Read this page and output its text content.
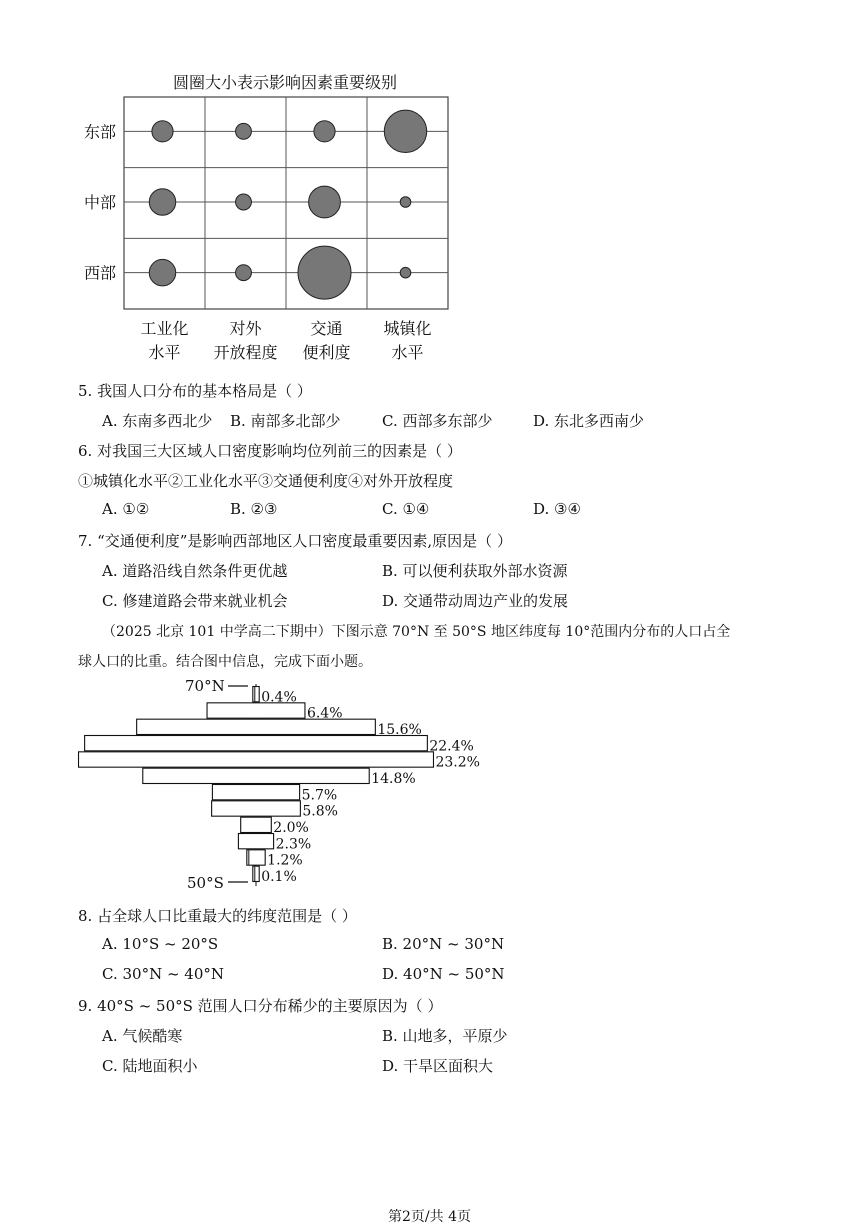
圆圈大小表示影响因素重要级别
东部
中部
西部
工业化
水平
对外
开放程度
交通
便利度
城镇化
水平
5. 我国人口分布的基本格局是（ ）
A. 东南多西北少 B. 南部多北部少	C. 西部多东部少	D. 东北多西南少
6. 对我国三大区域人口密度影响均位列前三的因素是（ ）
①城镇化水平②工业化水平③交通便利度④对外开放程度
A. ①②	B. ②③	C. ①④	D. ③④
7. “交通便利度”是影响西部地区人口密度最重要因素,原因是（ ）
A. 道路沿线自然条件更优越	B. 可以便利获取外部水资源
C. 修建道路会带来就业机会	D. 交通带动周边产业的发展
（2025 北京 101 中学高二下期中）下图示意 70°N 至 50°S 地区纬度每 10°范围内分布的人口占全
球人口的比重。结合图中信息，完成下面小题。
0.4%
6.4%
15.6%
22.4%
23.2%
14.8%
5.7%
5.8%
2.0%
2.3%
1.2%
0.1%
70°N
50°S
8. 占全球人口比重最大的纬度范围是（ ）
A. 10°S ~ 20°S	B. 20°N ~ 30°N
C. 30°N ~ 40°N	D. 40°N ~ 50°N
9. 40°S ~ 50°S 范围人口分布稀少的主要原因为（ ）
A. 气候酷寒	B. 山地多，平原少
C. 陆地面积小	D. 干旱区面积大
第2页/共 4页
